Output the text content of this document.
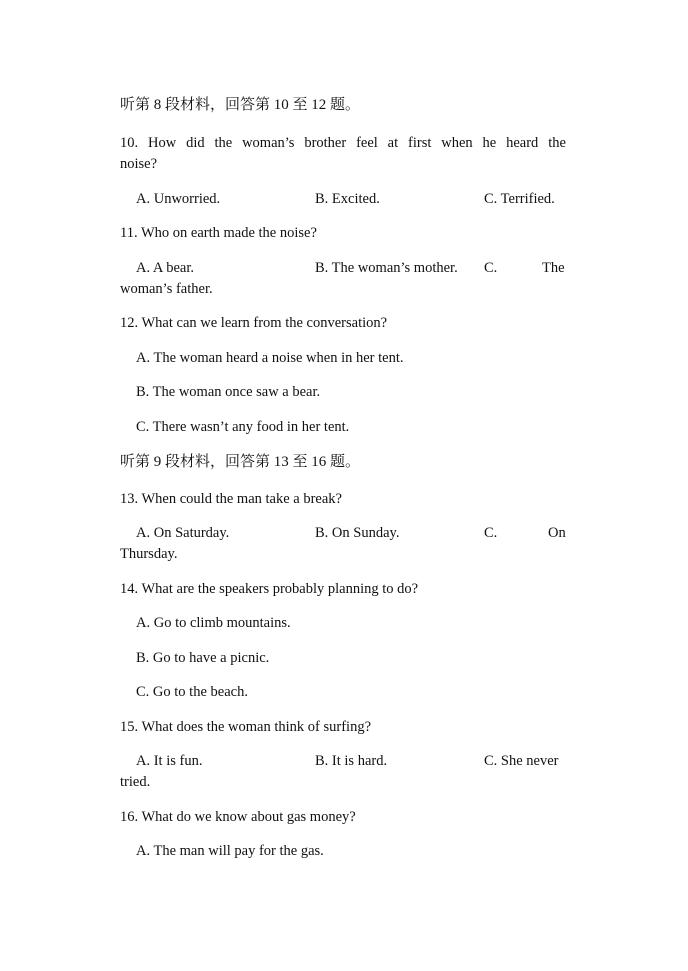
听第 8 段材料，回答第 10 至 12 题。
10. How did the woman’s brother feel at first when he heard the
noise?
A. Unworried.	B. Excited.	C. Terrified.
11. Who on earth made the noise?
A. A bear.	B. The woman’s mother. C.	The
woman’s father.
12. What can we learn from the conversation?
A. The woman heard a noise when in her tent.
B. The woman once saw a bear.
C. There wasn’t any food in her tent.
听第 9 段材料，回答第 13 至 16 题。
13. When could the man take a break?
A. On Saturday.	B. On Sunday.	C.	On
Thursday.
14. What are the speakers probably planning to do?
A. Go to climb mountains.
B. Go to have a picnic.
C. Go to the beach.
15. What does the woman think of surfing?
A. It is fun.	B. It is hard.	C. She never
tried.
16. What do we know about gas money?
A. The man will pay for the gas.
